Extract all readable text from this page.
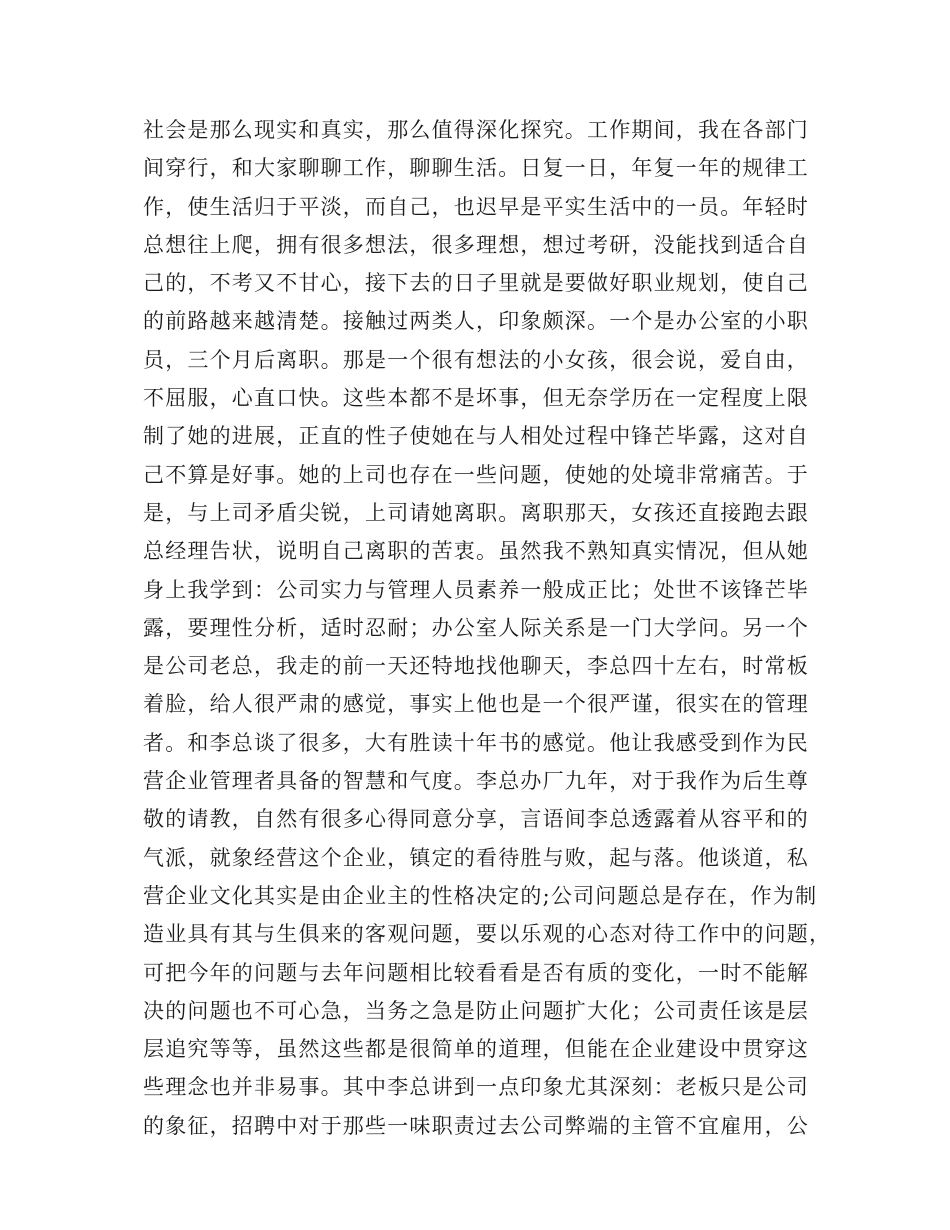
社会是那么现实和真实，那么值得深化探究。工作期间，我在各部门
间穿行，和大家聊聊工作，聊聊生活。日复一日，年复一年的规律工
作，使生活归于平淡，而自己，也迟早是平实生活中的一员。年轻时
总想往上爬，拥有很多想法，很多理想，想过考研，没能找到适合自
己的，不考又不甘心，接下去的日子里就是要做好职业规划，使自己
的前路越来越清楚。接触过两类人，印象颇深。一个是办公室的小职
员，三个月后离职。那是一个很有想法的小女孩，很会说，爱自由，
不屈服，心直口快。这些本都不是坏事，但无奈学历在一定程度上限
制了她的进展，正直的性子使她在与人相处过程中锋芒毕露，这对自
己不算是好事。她的上司也存在一些问题，使她的处境非常痛苦。于
是，与上司矛盾尖锐，上司请她离职。离职那天，女孩还直接跑去跟
总经理告状，说明自己离职的苦衷。虽然我不熟知真实情况，但从她
身上我学到：公司实力与管理人员素养一般成正比；处世不该锋芒毕
露，要理性分析，适时忍耐；办公室人际关系是一门大学问。另一个
是公司老总，我走的前一天还特地找他聊天，李总四十左右，时常板
着脸，给人很严肃的感觉，事实上他也是一个很严谨，很实在的管理
者。和李总谈了很多，大有胜读十年书的感觉。他让我感受到作为民
营企业管理者具备的智慧和气度。李总办厂九年，对于我作为后生尊
敬的请教，自然有很多心得同意分享，言语间李总透露着从容平和的
气派，就象经营这个企业，镇定的看待胜与败，起与落。他谈道，私
营企业文化其实是由企业主的性格决定的;公司问题总是存在，作为制
造业具有其与生俱来的客观问题，要以乐观的心态对待工作中的问题，
可把今年的问题与去年问题相比较看看是否有质的变化，一时不能解
决的问题也不可心急，当务之急是防止问题扩大化；公司责任该是层
层追究等等，虽然这些都是很简单的道理，但能在企业建设中贯穿这
些理念也并非易事。其中李总讲到一点印象尤其深刻：老板只是公司
的象征，招聘中对于那些一味职责过去公司弊端的主管不宜雇用，公
